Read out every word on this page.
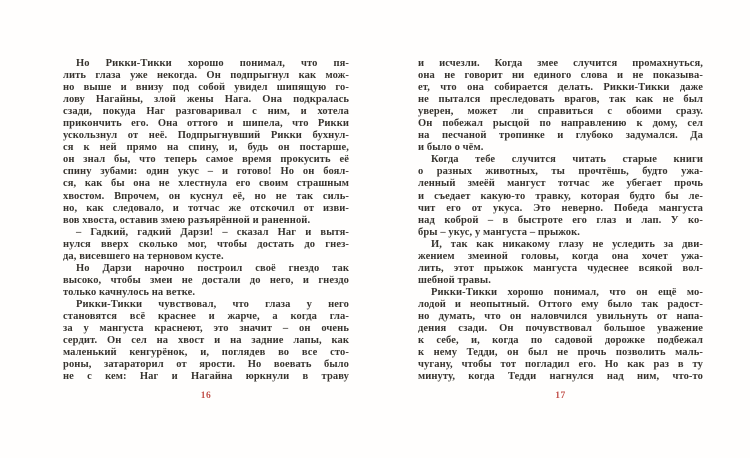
Но Рикки-Тикки хорошо понимал, что пя-
лить глаза уже некогда. Он подпрыгнул как мож-
но выше и внизу под собой увидел шипящую го-
лову Нагайны, злой жены Нага. Она подкралась
сзади, покуда Наг разговаривал с ним, и хотела
прикончить его. Она оттого и шипела, что Рикки
ускользнул от неё. Подпрыгнувший Рикки бухнул-
ся к ней прямо на спину, и, будь он постарше,
он знал бы, что теперь самое время прокусить её
спину зубами: один укус – и готово! Но он боял-
ся, как бы она не хлестнула его своим страшным
хвостом. Впрочем, он куснул её, но не так силь-
но, как следовало, и тотчас же отскочил от изви-
вов хвоста, оставив змею разъярённой и раненной.
– Гадкий, гадкий Дарзи! – сказал Наг и вытя-
нулся вверх сколько мог, чтобы достать до гнез-
да, висевшего на терновом кусте.
Но Дарзи нарочно построил своё гнездо так
высоко, чтобы змеи не достали до него, и гнездо
только качнулось на ветке.
Рикки-Тикки чувствовал, что глаза у него
становятся всё краснее и жарче, а когда гла-
за у мангуста краснеют, это значит – он очень
сердит. Он сел на хвост и на задние лапы, как
маленький кенгурёнок, и, поглядев во все сто-
роны, затараторил от ярости. Но воевать было
не с кем: Наг и Нагайна юркнули в траву
16
и исчезли. Когда змее случится промахнуться,
она не говорит ни единого слова и не показыва-
ет, что она собирается делать. Рикки-Тикки даже
не пытался преследовать врагов, так как не был
уверен, может ли справиться с обоими сразу.
Он побежал рысцой по направлению к дому, сел
на песчаной тропинке и глубоко задумался. Да
и было о чём.
Когда тебе случится читать старые книги
о разных животных, ты прочтёшь, будто ужа-
ленный змеёй мангуст тотчас же убегает прочь
и съедает какую-то травку, которая будто бы ле-
чит его от укуса. Это неверно. Победа мангуста
над коброй – в быстроте его глаз и лап. У ко-
бры – укус, у мангуста – прыжок.
И, так как никакому глазу не уследить за дви-
жением змеиной головы, когда она хочет ужа-
лить, этот прыжок мангуста чудеснее всякой вол-
шебной травы.
Рикки-Тикки хорошо понимал, что он ещё мо-
лодой и неопытный. Оттого ему было так радост-
но думать, что он наловчился увильнуть от напа-
дения сзади. Он почувствовал большое уважение
к себе, и, когда по садовой дорожке подбежал
к нему Тедди, он был не прочь позволить маль-
чугану, чтобы тот погладил его. Но как раз в ту
минуту, когда Тедди нагнулся над ним, что-то
17
